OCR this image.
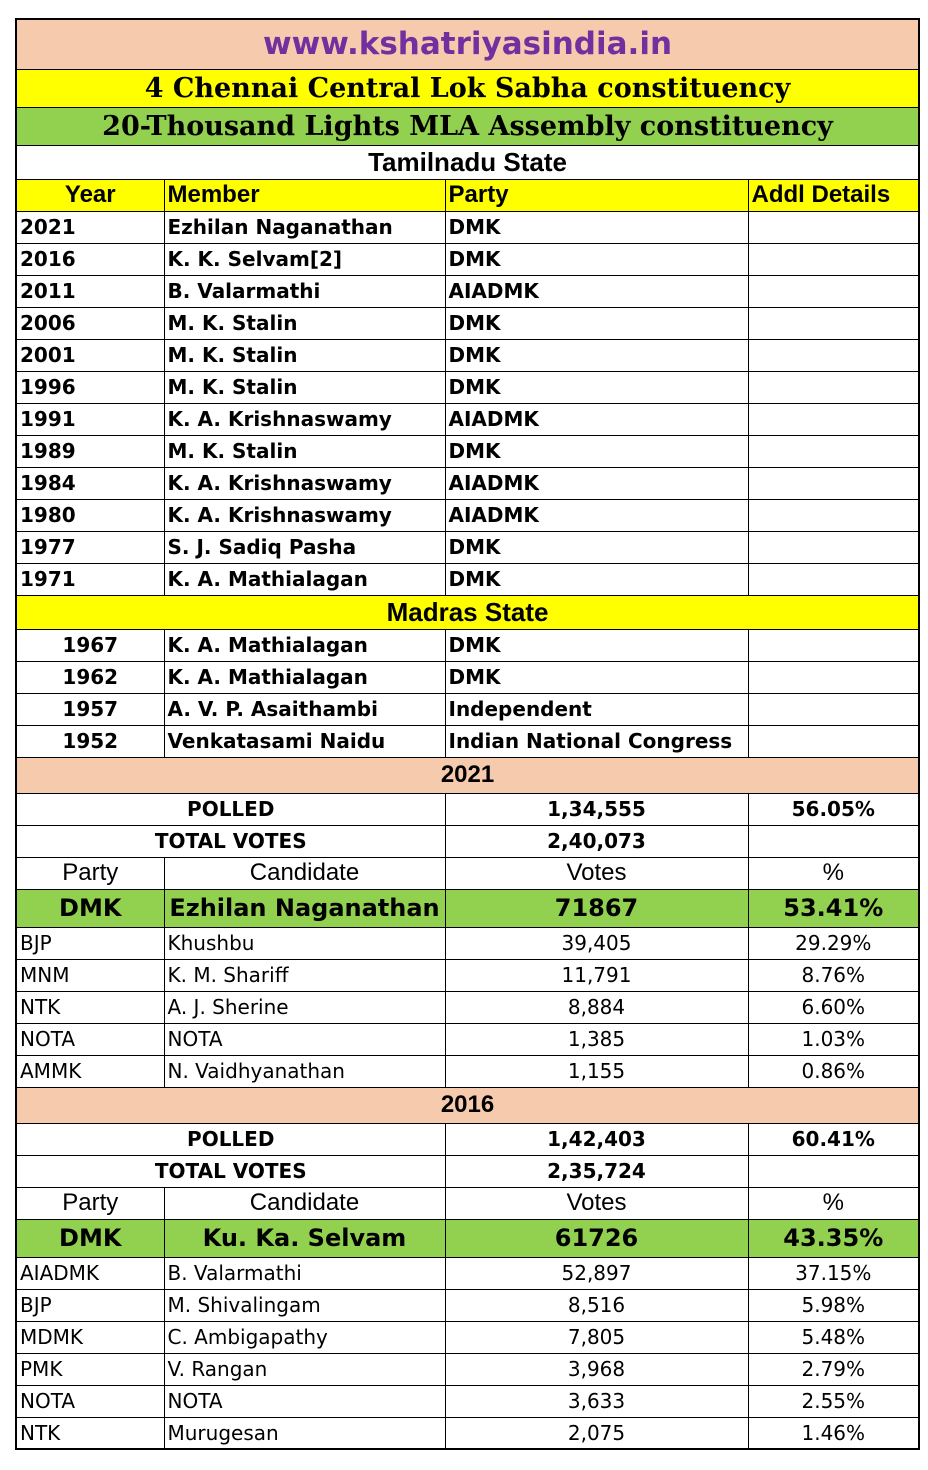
www.kshatriyasindia.in			
4 Chennai Central Lok Sabha constituency			
20-Thousand Lights MLA Assembly constituency			
Tamilnadu State			
Year	Member	Party	Addl Details
2021	Ezhilan Naganathan	DMK	
2016	K. K. Selvam[2]	DMK	
2011	B. Valarmathi	AIADMK	
2006	M. K. Stalin	DMK	
2001	M. K. Stalin	DMK	
1996	M. K. Stalin	DMK	
1991	K. A. Krishnaswamy	AIADMK	
1989	M. K. Stalin	DMK	
1984	K. A. Krishnaswamy	AIADMK	
1980	K. A. Krishnaswamy	AIADMK	
1977	S. J. Sadiq Pasha	DMK	
1971	K. A. Mathialagan	DMK	
Madras State			
1967	K. A. Mathialagan	DMK	
1962	K. A. Mathialagan	DMK	
1957	A. V. P. Asaithambi	Independent	
1952	Venkatasami Naidu	Indian National Congress	
2021			
POLLED		1,34,555	56.05%
TOTAL VOTES		2,40,073	
Party	Candidate	Votes	%
DMK	Ezhilan Naganathan	71867	53.41%
BJP	Khushbu	39,405	29.29%
MNM	K. M. Shariff	11,791	8.76%
NTK	A. J. Sherine	8,884	6.60%
NOTA	NOTA	1,385	1.03%
AMMK	N. Vaidhyanathan	1,155	0.86%
2016			
POLLED		1,42,403	60.41%
TOTAL VOTES		2,35,724	
Party	Candidate	Votes	%
DMK	Ku. Ka. Selvam	61726	43.35%
AIADMK	B. Valarmathi	52,897	37.15%
BJP	M. Shivalingam	8,516	5.98%
MDMK	C. Ambigapathy	7,805	5.48%
PMK	V. Rangan	3,968	2.79%
NOTA	NOTA	3,633	2.55%
NTK	Murugesan	2,075	1.46%
